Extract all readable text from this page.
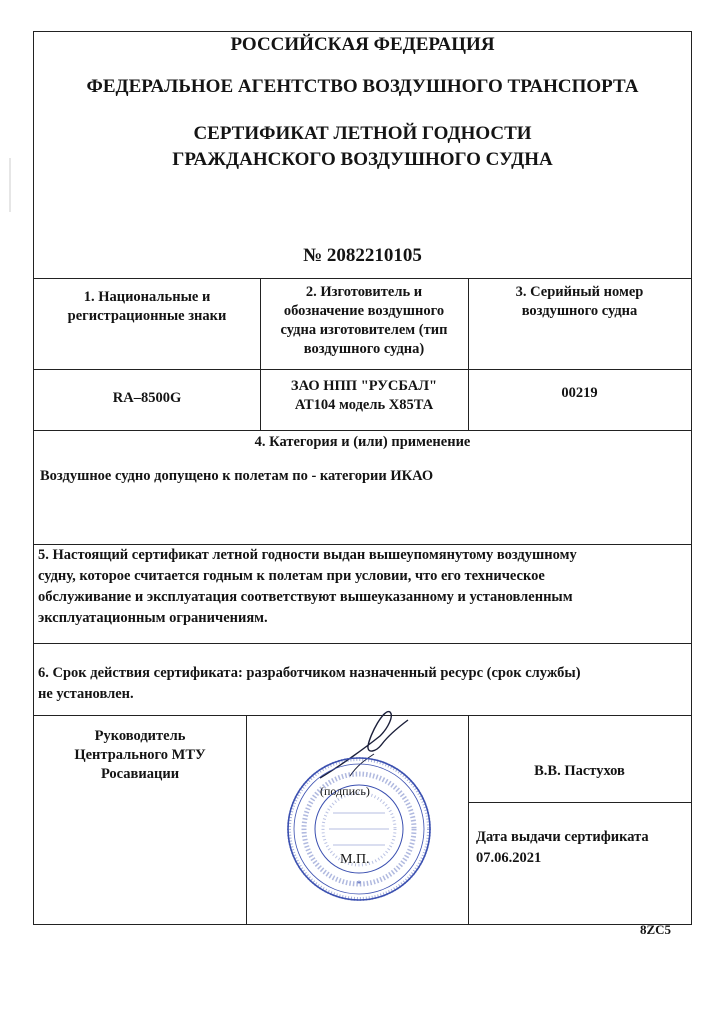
РОССИЙСКАЯ ФЕДЕРАЦИЯ
ФЕДЕРАЛЬНОЕ АГЕНТСТВО ВОЗДУШНОГО ТРАНСПОРТА
СЕРТИФИКАТ ЛЕТНОЙ ГОДНОСТИ
ГРАЖДАНСКОГО ВОЗДУШНОГО СУДНА
№ 2082210105
1. Национальные и
регистрационные знаки
2. Изготовитель и
обозначение воздушного
судна изготовителем (тип
воздушного судна)
3. Серийный номер
воздушного судна
RA–8500G
ЗАО НПП "РУСБАЛ"
АТ104 модель Х85ТА
00219
4. Категория и (или) применение
Воздушное судно допущено к полетам по - категории ИКАО
5. Настоящий сертификат летной годности выдан вышеупомянутому воздушному
судну, которое считается годным к полетам при условии, что его техническое
обслуживание и эксплуатация соответствуют вышеуказанному и установленным
эксплуатационным ограничениям.
6. Срок действия сертификата: разработчиком назначенный ресурс (срок службы)
не установлен.
Руководитель
Центрального МТУ
Росавиации	В.В. Пастухов
Дата выдачи сертификата
07.06.2021
*
(подпись)
М.П.
8ZC5
